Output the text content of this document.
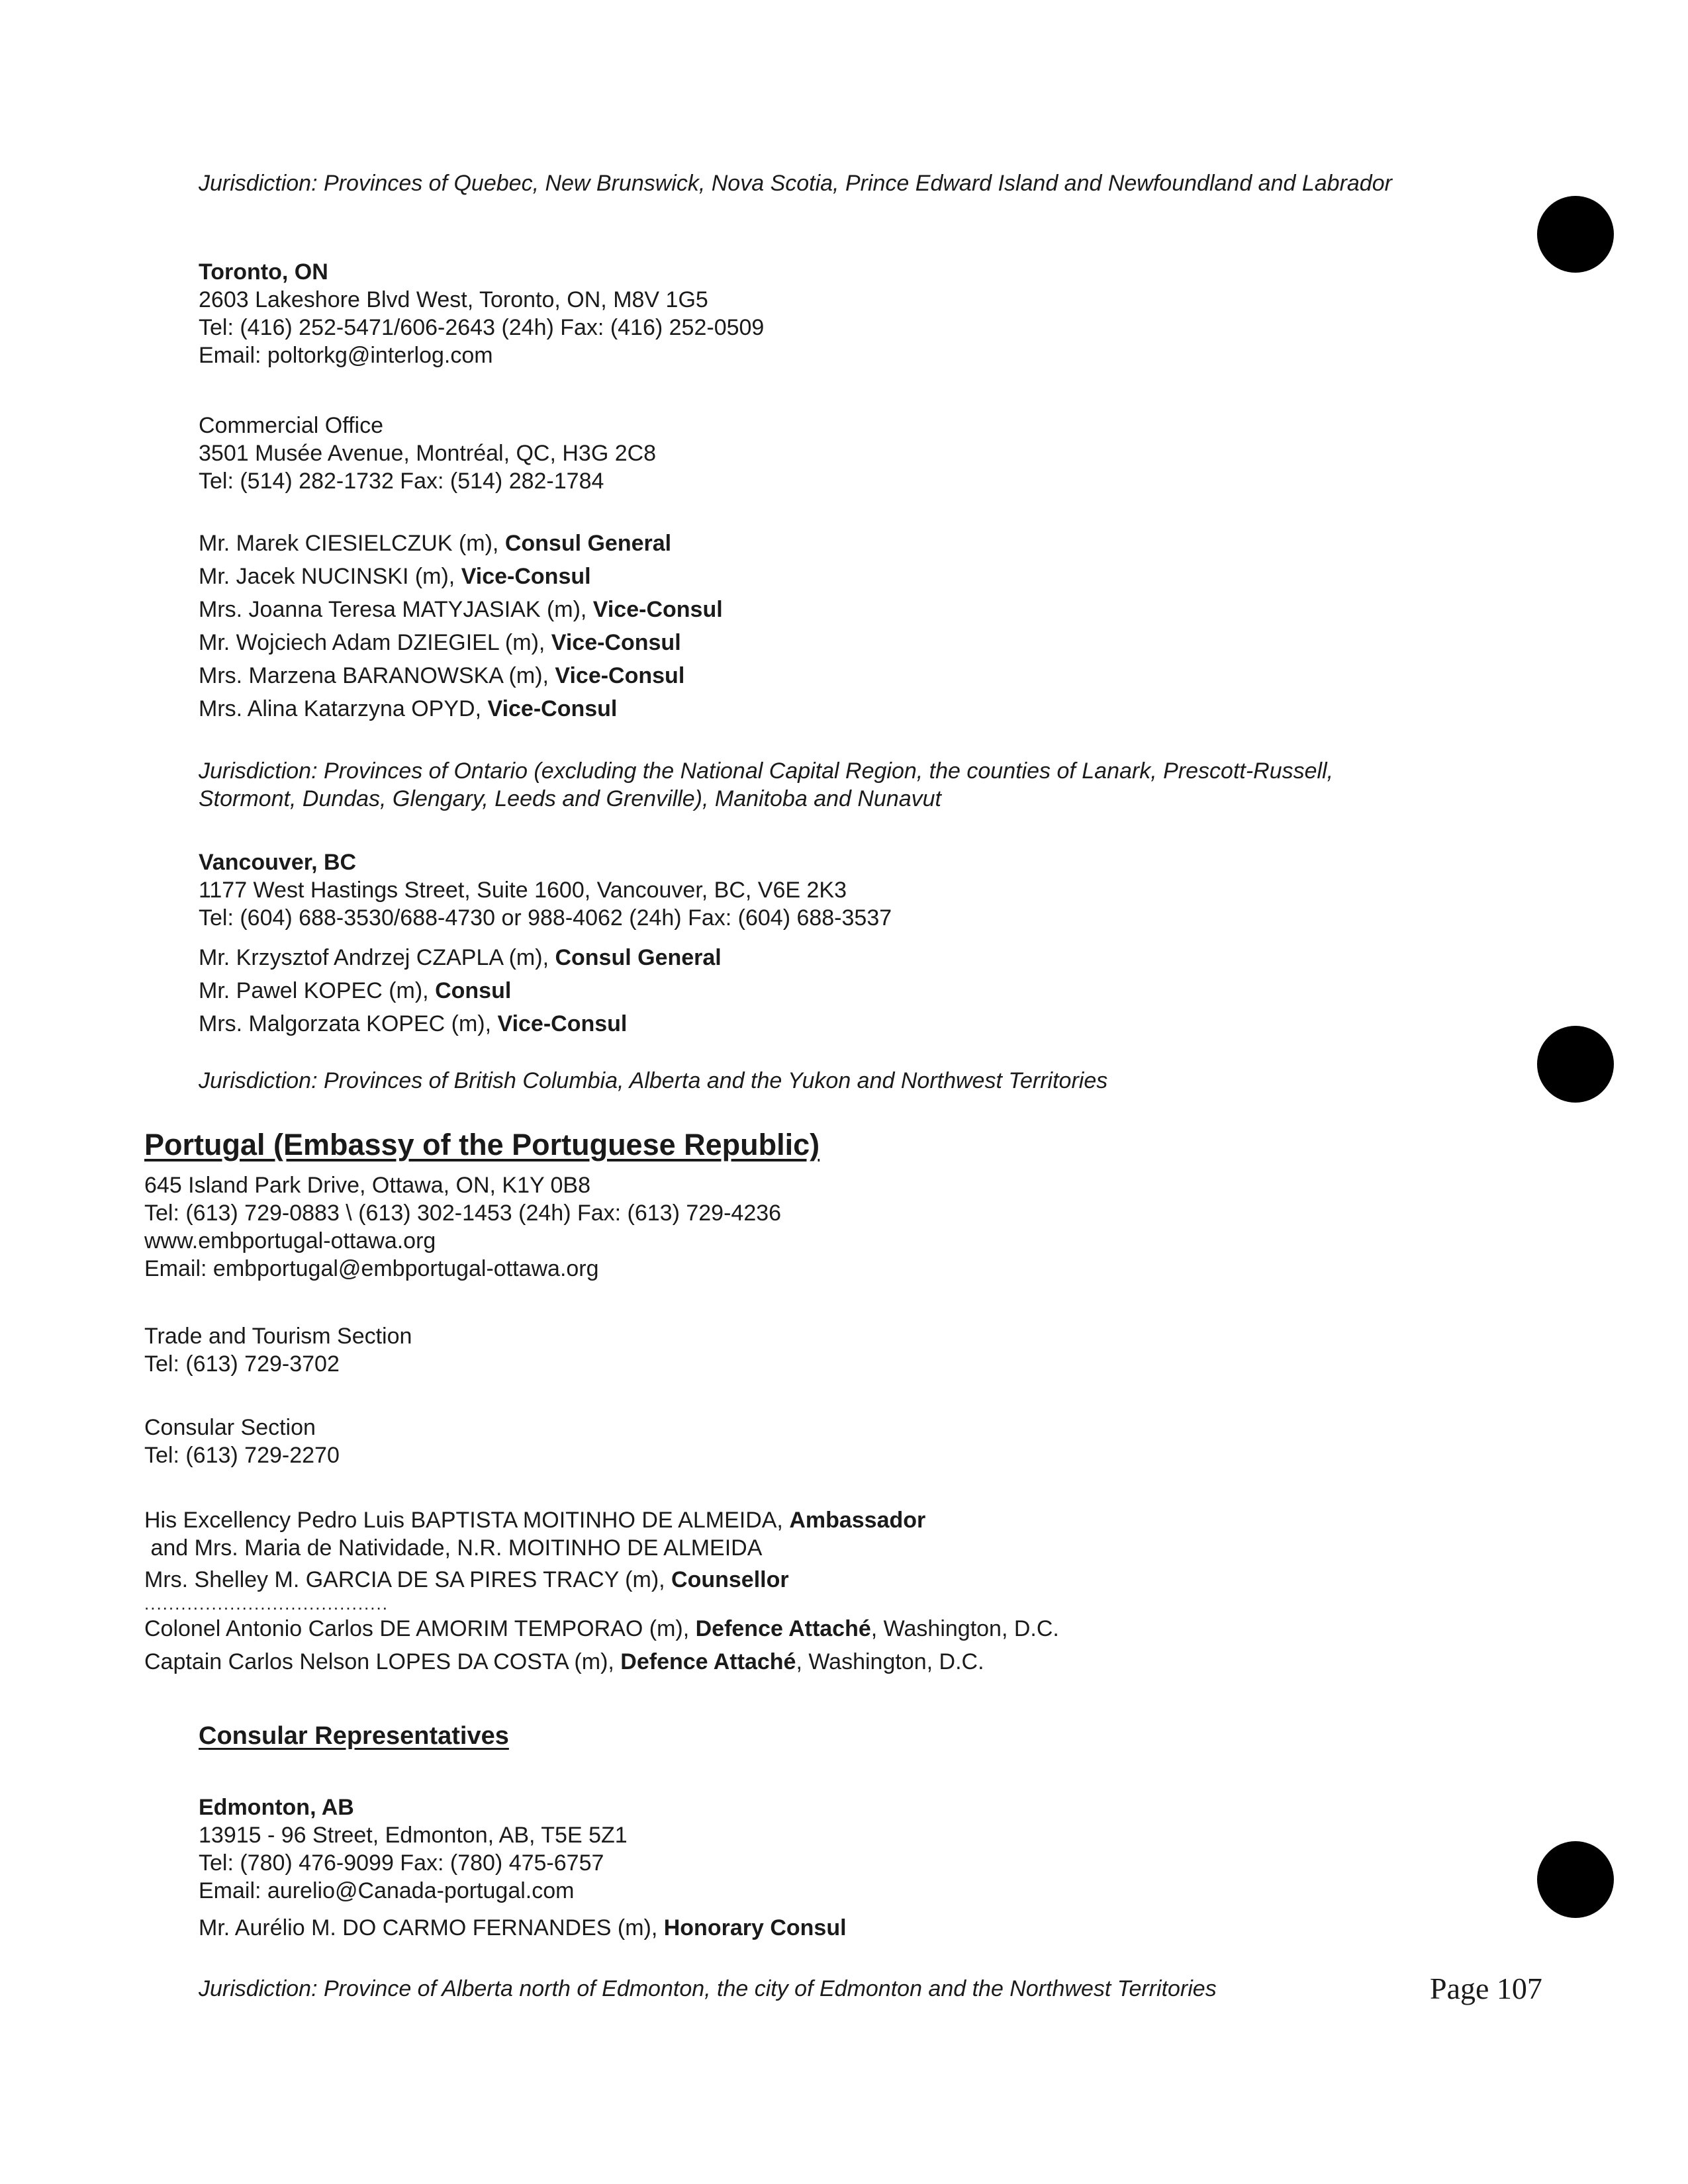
Jurisdiction: Provinces of Quebec, New Brunswick, Nova Scotia, Prince Edward Island and Newfoundland and Labrador
Toronto, ON
2603 Lakeshore Blvd West, Toronto, ON, M8V 1G5
Tel: (416) 252-5471/606-2643 (24h) Fax: (416) 252-0509
Email: poltorkg@interlog.com
Commercial Office
3501 Musée Avenue, Montréal, QC, H3G 2C8
Tel: (514) 282-1732 Fax: (514) 282-1784
Mr. Marek CIESIELCZUK (m), Consul General
Mr. Jacek NUCINSKI (m), Vice-Consul
Mrs. Joanna Teresa MATYJASIAK (m), Vice-Consul
Mr. Wojciech Adam DZIEGIEL (m), Vice-Consul
Mrs. Marzena BARANOWSKA (m), Vice-Consul
Mrs. Alina Katarzyna OPYD, Vice-Consul
Jurisdiction: Provinces of Ontario (excluding the National Capital Region, the counties of Lanark, Prescott-Russell,
Stormont, Dundas, Glengary, Leeds and Grenville), Manitoba and Nunavut
Vancouver, BC
1177 West Hastings Street, Suite 1600, Vancouver, BC, V6E 2K3
Tel: (604) 688-3530/688-4730 or 988-4062 (24h) Fax: (604) 688-3537
Mr. Krzysztof Andrzej CZAPLA (m), Consul General
Mr. Pawel KOPEC (m), Consul
Mrs. Malgorzata KOPEC (m), Vice-Consul
Jurisdiction: Provinces of British Columbia, Alberta and the Yukon and Northwest Territories
Portugal (Embassy of the Portuguese Republic)
645 Island Park Drive, Ottawa, ON, K1Y 0B8
Tel: (613) 729-0883 \ (613) 302-1453 (24h) Fax: (613) 729-4236
www.embportugal-ottawa.org
Email: embportugal@embportugal-ottawa.org
Trade and Tourism Section
Tel: (613) 729-3702
Consular Section
Tel: (613) 729-2270
His Excellency Pedro Luis BAPTISTA MOITINHO DE ALMEIDA, Ambassador
and Mrs. Maria de Natividade, N.R. MOITINHO DE ALMEIDA
Mrs. Shelley M. GARCIA DE SA PIRES TRACY (m), Counsellor
........................................
Colonel Antonio Carlos DE AMORIM TEMPORAO (m), Defence Attaché, Washington, D.C.
Captain Carlos Nelson LOPES DA COSTA (m), Defence Attaché, Washington, D.C.
Consular Representatives
Edmonton, AB
13915 - 96 Street, Edmonton, AB, T5E 5Z1
Tel: (780) 476-9099 Fax: (780) 475-6757
Email: aurelio@Canada-portugal.com
Mr. Aurélio M. DO CARMO FERNANDES (m), Honorary Consul
Jurisdiction: Province of Alberta north of Edmonton, the city of Edmonton and the Northwest Territories	Page 107
